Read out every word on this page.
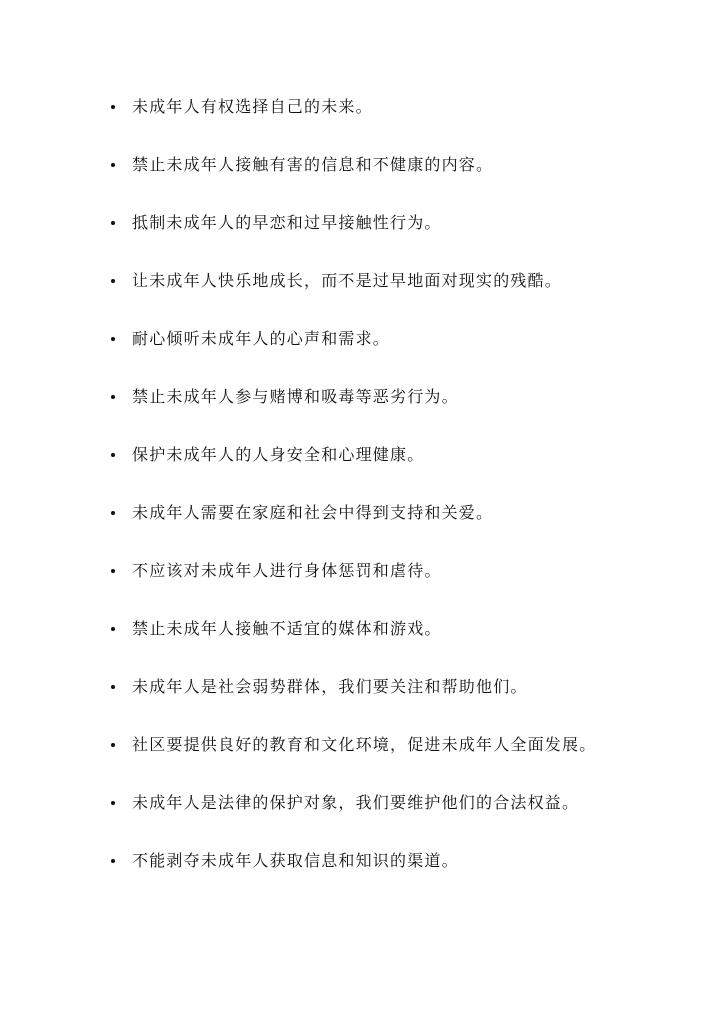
未成年人有权选择自己的未来。
禁止未成年人接触有害的信息和不健康的内容。
抵制未成年人的早恋和过早接触性行为。
让未成年人快乐地成长，而不是过早地面对现实的残酷。
耐心倾听未成年人的心声和需求。
禁止未成年人参与赌博和吸毒等恶劣行为。
保护未成年人的人身安全和心理健康。
未成年人需要在家庭和社会中得到支持和关爱。
不应该对未成年人进行身体惩罚和虐待。
禁止未成年人接触不适宜的媒体和游戏。
未成年人是社会弱势群体，我们要关注和帮助他们。
社区要提供良好的教育和文化环境，促进未成年人全面发展。
未成年人是法律的保护对象，我们要维护他们的合法权益。
不能剥夺未成年人获取信息和知识的渠道。
